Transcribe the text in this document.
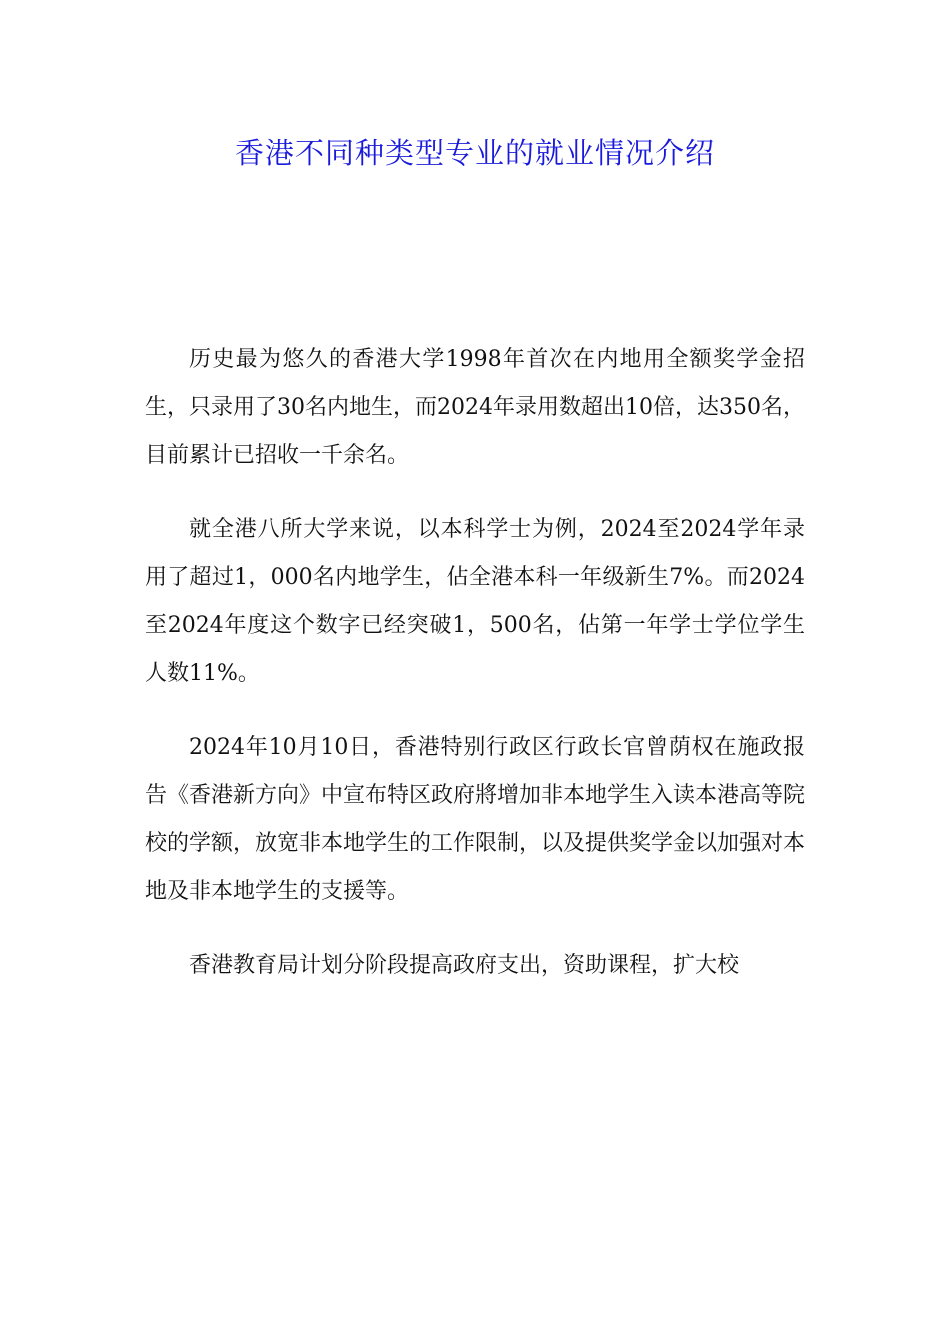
香港不同种类型专业的就业情况介绍

历史最为悠久的香港大学1998年首次在内地用全额奖学金招生，只录用了30名内地生，而2024年录用数超出10倍，达350名，目前累计已招收一千余名。

就全港八所大学来说，以本科学士为例，2024至2024学年录用了超过1，000名内地学生，佔全港本科一年级新生7%。而2024至2024年度这个数字已经突破1，500名，佔第一年学士学位学生人数11%。

2024年10月10日，香港特别行政区行政长官曾荫权在施政报告《香港新方向》中宣布特区政府將增加非本地学生入读本港高等院校的学额，放宽非本地学生的工作限制，以及提供奖学金以加强对本地及非本地学生的支援等。

香港教育局计划分阶段提高政府支出，资助课程，扩大校
